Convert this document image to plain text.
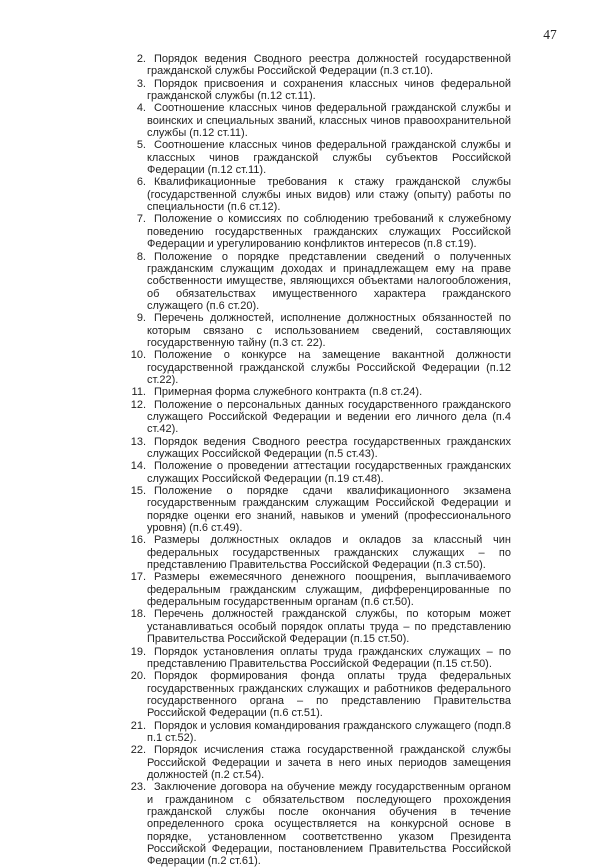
47
2. Порядок ведения Сводного реестра должностей государственной гражданской службы Российской Федерации (п.3 ст.10).
3. Порядок присвоения и сохранения классных чинов федеральной гражданской службы (п.12 ст.11).
4. Соотношение классных чинов федеральной гражданской службы и воинских и специальных званий, классных чинов правоохранительной службы (п.12 ст.11).
5. Соотношение классных чинов федеральной гражданской службы и классных чинов гражданской службы субъектов Российской Федерации (п.12 ст.11).
6. Квалификационные требования к стажу гражданской службы (государственной службы иных видов) или стажу (опыту) работы по специальности (п.6 ст.12).
7. Положение о комиссиях по соблюдению требований к служебному поведению государственных гражданских служащих Российской Федерации и урегулированию конфликтов интересов (п.8 ст.19).
8. Положение о порядке представлении сведений о полученных гражданским служащим доходах и принадлежащем ему на праве собственности имуществе, являющихся объектами налогообложения, об обязательствах имущественного характера гражданского служащего (п.6 ст.20).
9. Перечень должностей, исполнение должностных обязанностей по которым связано с использованием сведений, составляющих государственную тайну (п.3 ст. 22).
10. Положение о конкурсе на замещение вакантной должности государственной гражданской службы Российской Федерации (п.12 ст.22).
11. Примерная форма служебного контракта (п.8 ст.24).
12. Положение о персональных данных государственного гражданского служащего Российской Федерации и ведении его личного дела (п.4 ст.42).
13. Порядок ведения Сводного реестра государственных гражданских служащих Российской Федерации (п.5 ст.43).
14. Положение о проведении аттестации государственных гражданских служащих Российской Федерации (п.19 ст.48).
15. Положение о порядке сдачи квалификационного экзамена государственным гражданским служащим Российской Федерации и порядке оценки его знаний, навыков и умений (профессионального уровня) (п.6 ст.49).
16. Размеры должностных окладов и окладов за классный чин федеральных государственных гражданских служащих – по представлению Правительства Российской Федерации (п.3 ст.50).
17. Размеры ежемесячного денежного поощрения, выплачиваемого федеральным гражданским служащим, дифференцированные по федеральным государственным органам (п.6 ст.50).
18. Перечень должностей гражданской службы, по которым может устанавливаться особый порядок оплаты труда – по представлению Правительства Российской Федерации (п.15 ст.50).
19. Порядок установления оплаты труда гражданских служащих – по представлению Правительства Российской Федерации (п.15 ст.50).
20. Порядок формирования фонда оплаты труда федеральных государственных гражданских служащих и работников федерального государственного органа – по представлению Правительства Российской Федерации (п.6 ст.51).
21. Порядок и условия командирования гражданского служащего (подп.8 п.1 ст.52).
22. Порядок исчисления стажа государственной гражданской службы Российской Федерации и зачета в него иных периодов замещения должностей (п.2 ст.54).
23. Заключение договора на обучение между государственным органом и гражданином с обязательством последующего прохождения гражданской службы после окончания обучения в течение определенного срока осуществляется на конкурсной основе в порядке, установленном соответственно указом Президента Российской Федерации, постановлением Правительства Российской Федерации (п.2 ст.61).
